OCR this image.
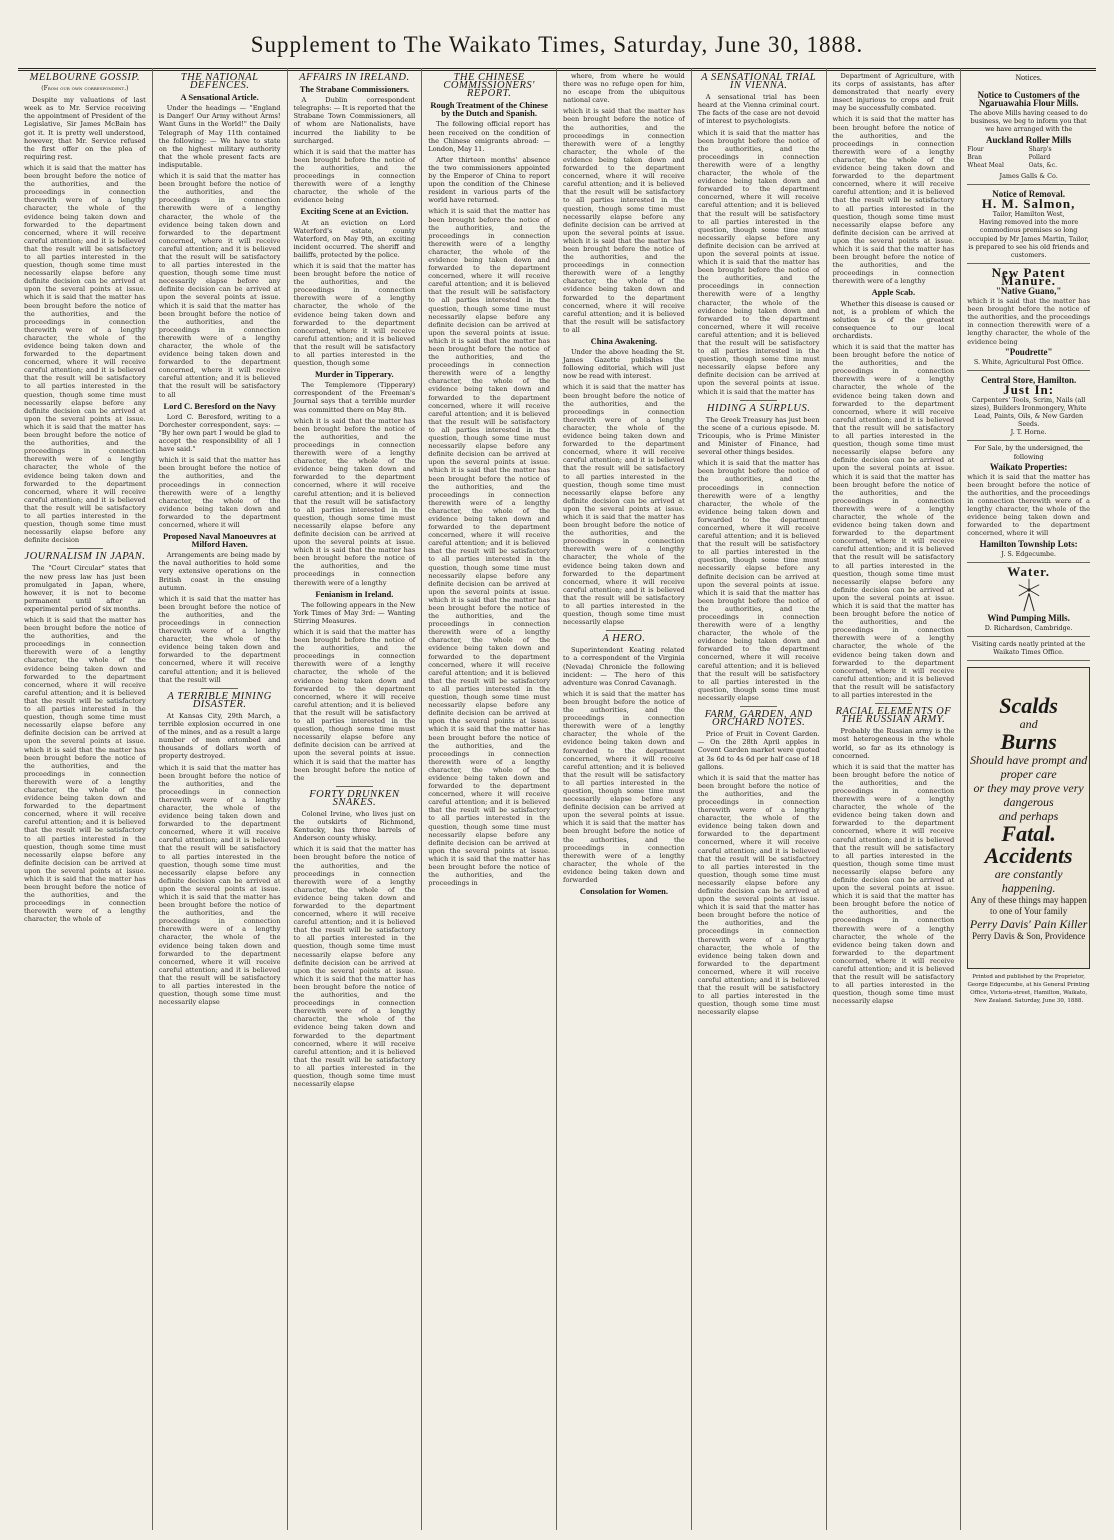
Supplement to The Waikato Times, Saturday, June 30, 1888.
MELBOURNE GOSSIP.
(From our own correspondent.)

Despite my valuations of last week as to Mr. Service receiving the appointment of President of the Legislative, Sir James McBain has got it. It is pretty well understood, however, that Mr. Service refused the first offer on the plea of requiring rest.

which it is said that the matter has been brought before the notice of the authorities, and the proceedings in connection therewith were of a lengthy character, the whole of the evidence being taken down and forwarded to the department concerned, where it will receive careful attention; and it is believed that the result will be satisfactory to all parties interested in the question, though some time must necessarily elapse before any definite decision can be arrived at upon the several points at issue. which it is said that the matter has been brought before the notice of the authorities, and the proceedings in connection therewith were of a lengthy character, the whole of the evidence being taken down and forwarded to the department concerned, where it will receive careful attention; and it is believed that the result will be satisfactory to all parties interested in the question, though some time must necessarily elapse before any definite decision can be arrived at upon the several points at issue. which it is said that the matter has been brought before the notice of the authorities, and the proceedings in connection therewith were of a lengthy character, the whole of the evidence being taken down and forwarded to the department concerned, where it will receive careful attention; and it is believed that the result will be satisfactory to all parties interested in the question, though some time must necessarily elapse before any definite decision
JOURNALISM IN JAPAN.

The "Court Circular" states that the new press law has just been promulgated in Japan, where, however, it is not to become permanent until after an experimental period of six months.

which it is said that the matter has been brought before the notice of the authorities, and the proceedings in connection therewith were of a lengthy character, the whole of the evidence being taken down and forwarded to the department concerned, where it will receive careful attention; and it is believed that the result will be satisfactory to all parties interested in the question, though some time must necessarily elapse before any definite decision can be arrived at upon the several points at issue. which it is said that the matter has been brought before the notice of the authorities, and the proceedings in connection therewith were of a lengthy character, the whole of the evidence being taken down and forwarded to the department concerned, where it will receive careful attention; and it is believed that the result will be satisfactory to all parties interested in the question, though some time must necessarily elapse before any definite decision can be arrived at upon the several points at issue. which it is said that the matter has been brought before the notice of the authorities, and the proceedings in connection therewith were of a lengthy character, the whole of
THE NATIONAL DEFENCES.
A Sensational Article.

Under the headings — "England is Danger! Our Army without Arms! Want Guns in the World!" the Daily Telegraph of May 11th contained the following: — We have to state on the highest military authority that the whole present facts are indisputable.

which it is said that the matter has been brought before the notice of the authorities, and the proceedings in connection therewith were of a lengthy character, the whole of the evidence being taken down and forwarded to the department concerned, where it will receive careful attention; and it is believed that the result will be satisfactory to all parties interested in the question, though some time must necessarily elapse before any definite decision can be arrived at upon the several points at issue. which it is said that the matter has been brought before the notice of the authorities, and the proceedings in connection therewith were of a lengthy character, the whole of the evidence being taken down and forwarded to the department concerned, where it will receive careful attention; and it is believed that the result will be satisfactory to all
Lord C. Beresford on the Navy

Lord C. Beresford, writing to a Dorchester correspondent, says: — "By her own part I would be glad to accept the responsibility of all I have said."

which it is said that the matter has been brought before the notice of the authorities, and the proceedings in connection therewith were of a lengthy character, the whole of the evidence being taken down and forwarded to the department concerned, where it will
Proposed Naval Manoeuvres at Milford Haven.

Arrangements are being made by the naval authorities to hold some very extensive operations on the British coast in the ensuing autumn.

which it is said that the matter has been brought before the notice of the authorities, and the proceedings in connection therewith were of a lengthy character, the whole of the evidence being taken down and forwarded to the department concerned, where it will receive careful attention; and it is believed that the result will
A TERRIBLE MINING DISASTER.

At Kansas City, 29th March, a terrible explosion occurred in one of the mines, and as a result a large number of men entombed and thousands of dollars worth of property destroyed.

which it is said that the matter has been brought before the notice of the authorities, and the proceedings in connection therewith were of a lengthy character, the whole of the evidence being taken down and forwarded to the department concerned, where it will receive careful attention; and it is believed that the result will be satisfactory to all parties interested in the question, though some time must necessarily elapse before any definite decision can be arrived at upon the several points at issue. which it is said that the matter has been brought before the notice of the authorities, and the proceedings in connection therewith were of a lengthy character, the whole of the evidence being taken down and forwarded to the department concerned, where it will receive careful attention; and it is believed that the result will be satisfactory to all parties interested in the question, though some time must necessarily elapse
AFFAIRS IN IRELAND.
The Strabane Commissioners.

A Dublin correspondent telegraphs: — It is reported that the Strabane Town Commissioners, all of whom are Nationalists, have incurred the liability to be surcharged.

which it is said that the matter has been brought before the notice of the authorities, and the proceedings in connection therewith were of a lengthy character, the whole of the evidence being
Exciting Scene at an Eviction.

At an eviction on Lord Waterford's estate, county Waterford, on May 9th, an exciting incident occurred. The sheriff and bailiffs, protected by the police.

which it is said that the matter has been brought before the notice of the authorities, and the proceedings in connection therewith were of a lengthy character, the whole of the evidence being taken down and forwarded to the department concerned, where it will receive careful attention; and it is believed that the result will be satisfactory to all parties interested in the question, though some
Murder in Tipperary.

The Templemore (Tipperary) correspondent of the Freeman's Journal says that a terrible murder was committed there on May 8th.

which it is said that the matter has been brought before the notice of the authorities, and the proceedings in connection therewith were of a lengthy character, the whole of the evidence being taken down and forwarded to the department concerned, where it will receive careful attention; and it is believed that the result will be satisfactory to all parties interested in the question, though some time must necessarily elapse before any definite decision can be arrived at upon the several points at issue. which it is said that the matter has been brought before the notice of the authorities, and the proceedings in connection therewith were of a lengthy
Fenianism in Ireland.

The following appears in the New York Times of May 3rd: — Wanting Stirring Measures.

which it is said that the matter has been brought before the notice of the authorities, and the proceedings in connection therewith were of a lengthy character, the whole of the evidence being taken down and forwarded to the department concerned, where it will receive careful attention; and it is believed that the result will be satisfactory to all parties interested in the question, though some time must necessarily elapse before any definite decision can be arrived at upon the several points at issue. which it is said that the matter has been brought before the notice of the
FORTY DRUNKEN SNAKES.

Colonel Irvine, who lives just on the outskirts of Richmond, Kentucky, has three barrels of Anderson county whisky.

which it is said that the matter has been brought before the notice of the authorities, and the proceedings in connection therewith were of a lengthy character, the whole of the evidence being taken down and forwarded to the department concerned, where it will receive careful attention; and it is believed that the result will be satisfactory to all parties interested in the question, though some time must necessarily elapse before any definite decision can be arrived at upon the several points at issue. which it is said that the matter has been brought before the notice of the authorities, and the proceedings in connection therewith were of a lengthy character, the whole of the evidence being taken down and forwarded to the department concerned, where it will receive careful attention; and it is believed that the result will be satisfactory to all parties interested in the question, though some time must necessarily elapse
THE CHINESE COMMISSIONERS' REPORT.
Rough Treatment of the Chinese by the Dutch and Spanish.

The following official report has been received on the condition of the Chinese emigrants abroad: — London, May 11.

After thirteen months' absence the two commissioners appointed by the Emperor of China to report upon the condition of the Chinese resident in various parts of the world have returned.

which it is said that the matter has been brought before the notice of the authorities, and the proceedings in connection therewith were of a lengthy character, the whole of the evidence being taken down and forwarded to the department concerned, where it will receive careful attention; and it is believed that the result will be satisfactory to all parties interested in the question, though some time must necessarily elapse before any definite decision can be arrived at upon the several points at issue. which it is said that the matter has been brought before the notice of the authorities, and the proceedings in connection therewith were of a lengthy character, the whole of the evidence being taken down and forwarded to the department concerned, where it will receive careful attention; and it is believed that the result will be satisfactory to all parties interested in the question, though some time must necessarily elapse before any definite decision can be arrived at upon the several points at issue. which it is said that the matter has been brought before the notice of the authorities, and the proceedings in connection therewith were of a lengthy character, the whole of the evidence being taken down and forwarded to the department concerned, where it will receive careful attention; and it is believed that the result will be satisfactory to all parties interested in the question, though some time must necessarily elapse before any definite decision can be arrived at upon the several points at issue. which it is said that the matter has been brought before the notice of the authorities, and the proceedings in connection therewith were of a lengthy character, the whole of the evidence being taken down and forwarded to the department concerned, where it will receive careful attention; and it is believed that the result will be satisfactory to all parties interested in the question, though some time must necessarily elapse before any definite decision can be arrived at upon the several points at issue. which it is said that the matter has been brought before the notice of the authorities, and the proceedings in connection therewith were of a lengthy character, the whole of the evidence being taken down and forwarded to the department concerned, where it will receive careful attention; and it is believed that the result will be satisfactory to all parties interested in the question, though some time must necessarily elapse before any definite decision can be arrived at upon the several points at issue. which it is said that the matter has been brought before the notice of the authorities, and the proceedings in

where, from where he would there was no refuge open for him, no escape from the ubiquitous national cave.

which it is said that the matter has been brought before the notice of the authorities, and the proceedings in connection therewith were of a lengthy character, the whole of the evidence being taken down and forwarded to the department concerned, where it will receive careful attention; and it is believed that the result will be satisfactory to all parties interested in the question, though some time must necessarily elapse before any definite decision can be arrived at upon the several points at issue. which it is said that the matter has been brought before the notice of the authorities, and the proceedings in connection therewith were of a lengthy character, the whole of the evidence being taken down and forwarded to the department concerned, where it will receive careful attention; and it is believed that the result will be satisfactory to all
China Awakening.

Under the above heading the St. James Gazette publishes the following editorial, which will just now be read with interest.

which it is said that the matter has been brought before the notice of the authorities, and the proceedings in connection therewith were of a lengthy character, the whole of the evidence being taken down and forwarded to the department concerned, where it will receive careful attention; and it is believed that the result will be satisfactory to all parties interested in the question, though some time must necessarily elapse before any definite decision can be arrived at upon the several points at issue. which it is said that the matter has been brought before the notice of the authorities, and the proceedings in connection therewith were of a lengthy character, the whole of the evidence being taken down and forwarded to the department concerned, where it will receive careful attention; and it is believed that the result will be satisfactory to all parties interested in the question, though some time must necessarily elapse
A HERO.

Superintendent Keating related to a correspondent of the Virginia (Nevada) Chronicle the following incident: — The hero of this adventure was Conrad Cavanagh.

which it is said that the matter has been brought before the notice of the authorities, and the proceedings in connection therewith were of a lengthy character, the whole of the evidence being taken down and forwarded to the department concerned, where it will receive careful attention; and it is believed that the result will be satisfactory to all parties interested in the question, though some time must necessarily elapse before any definite decision can be arrived at upon the several points at issue. which it is said that the matter has been brought before the notice of the authorities, and the proceedings in connection therewith were of a lengthy character, the whole of the evidence being taken down and forwarded
Consolation for Women.
A SENSATIONAL TRIAL IN VIENNA.

A sensational trial has been heard at the Vienna criminal court. The facts of the case are not devoid of interest to psychologists.

which it is said that the matter has been brought before the notice of the authorities, and the proceedings in connection therewith were of a lengthy character, the whole of the evidence being taken down and forwarded to the department concerned, where it will receive careful attention; and it is believed that the result will be satisfactory to all parties interested in the question, though some time must necessarily elapse before any definite decision can be arrived at upon the several points at issue. which it is said that the matter has been brought before the notice of the authorities, and the proceedings in connection therewith were of a lengthy character, the whole of the evidence being taken down and forwarded to the department concerned, where it will receive careful attention; and it is believed that the result will be satisfactory to all parties interested in the question, though some time must necessarily elapse before any definite decision can be arrived at upon the several points at issue. which it is said that the matter has
HIDING A SURPLUS.

The Greek Treasury has just been the scene of a curious episode. M. Tricoupis, who is Prime Minister and Minister of Finance, had several other things besides.

which it is said that the matter has been brought before the notice of the authorities, and the proceedings in connection therewith were of a lengthy character, the whole of the evidence being taken down and forwarded to the department concerned, where it will receive careful attention; and it is believed that the result will be satisfactory to all parties interested in the question, though some time must necessarily elapse before any definite decision can be arrived at upon the several points at issue. which it is said that the matter has been brought before the notice of the authorities, and the proceedings in connection therewith were of a lengthy character, the whole of the evidence being taken down and forwarded to the department concerned, where it will receive careful attention; and it is believed that the result will be satisfactory to all parties interested in the question, though some time must necessarily elapse
FARM, GARDEN, AND ORCHARD NOTES.

Price of Fruit in Covent Garden. — On the 28th April apples in Covent Garden market were quoted at 3s 6d to 4s 6d per half case of 18 gallons.

which it is said that the matter has been brought before the notice of the authorities, and the proceedings in connection therewith were of a lengthy character, the whole of the evidence being taken down and forwarded to the department concerned, where it will receive careful attention; and it is believed that the result will be satisfactory to all parties interested in the question, though some time must necessarily elapse before any definite decision can be arrived at upon the several points at issue. which it is said that the matter has been brought before the notice of the authorities, and the proceedings in connection therewith were of a lengthy character, the whole of the evidence being taken down and forwarded to the department concerned, where it will receive careful attention; and it is believed that the result will be satisfactory to all parties interested in the question, though some time must necessarily elapse

Department of Agriculture, with its corps of assistants, has after demonstrated that nearly every insect injurious to crops and fruit may be successfully combated.

which it is said that the matter has been brought before the notice of the authorities, and the proceedings in connection therewith were of a lengthy character, the whole of the evidence being taken down and forwarded to the department concerned, where it will receive careful attention; and it is believed that the result will be satisfactory to all parties interested in the question, though some time must necessarily elapse before any definite decision can be arrived at upon the several points at issue. which it is said that the matter has been brought before the notice of the authorities, and the proceedings in connection therewith were of a lengthy
Apple Scab.

Whether this disease is caused or not, is a problem of which the solution is of the greatest consequence to our local orchardists.

which it is said that the matter has been brought before the notice of the authorities, and the proceedings in connection therewith were of a lengthy character, the whole of the evidence being taken down and forwarded to the department concerned, where it will receive careful attention; and it is believed that the result will be satisfactory to all parties interested in the question, though some time must necessarily elapse before any definite decision can be arrived at upon the several points at issue. which it is said that the matter has been brought before the notice of the authorities, and the proceedings in connection therewith were of a lengthy character, the whole of the evidence being taken down and forwarded to the department concerned, where it will receive careful attention; and it is believed that the result will be satisfactory to all parties interested in the question, though some time must necessarily elapse before any definite decision can be arrived at upon the several points at issue. which it is said that the matter has been brought before the notice of the authorities, and the proceedings in connection therewith were of a lengthy character, the whole of the evidence being taken down and forwarded to the department concerned, where it will receive careful attention; and it is believed that the result will be satisfactory to all parties interested in the
RACIAL ELEMENTS OF THE RUSSIAN ARMY.

Probably the Russian army is the most heterogeneous in the whole world, so far as its ethnology is concerned.

which it is said that the matter has been brought before the notice of the authorities, and the proceedings in connection therewith were of a lengthy character, the whole of the evidence being taken down and forwarded to the department concerned, where it will receive careful attention; and it is believed that the result will be satisfactory to all parties interested in the question, though some time must necessarily elapse before any definite decision can be arrived at upon the several points at issue. which it is said that the matter has been brought before the notice of the authorities, and the proceedings in connection therewith were of a lengthy character, the whole of the evidence being taken down and forwarded to the department concerned, where it will receive careful attention; and it is believed that the result will be satisfactory to all parties interested in the question, though some time must necessarily elapse
Notices.
Notice to Customers of the Ngaruawahia Flour Mills.
The above Mills having ceased to do business, we beg to inform you that we have arranged with the
Auckland Roller Mills
Flour	Sharp's
Bran	Pollard
Wheat Meal	Oats, &c.
James Galls & Co.
Notice of Removal.
H. M. Salmon,
Tailor, Hamilton West,
Having removed into the more commodious premises so long occupied by Mr James Martin, Tailor, is prepared to see his old friends and customers.
New Patent Manure.
"Native Guano,"
which it is said that the matter has been brought before the notice of the authorities, and the proceedings in connection therewith were of a lengthy character, the whole of the evidence being
"Poudrette"
S. White, Agricultural Post Office.
Central Store, Hamilton.
Just In:
Carpenters' Tools, Scrim, Nails (all sizes), Builders Ironmongery, White Lead, Paints, Oils, & New Garden Seeds.
J. T. Horne.
For Sale, by the undersigned, the following
Waikato Properties:
which it is said that the matter has been brought before the notice of the authorities, and the proceedings in connection therewith were of a lengthy character, the whole of the evidence being taken down and forwarded to the department concerned, where it will
Hamilton Township Lots:
J. S. Edgecumbe.
Water.
Wind Pumping Mills.
D. Richardson, Cambridge.
Visiting cards neatly printed at the Waikato Times Office.
Scalds
and
Burns
Should have prompt and proper care
or they may prove very dangerous
and perhaps
Fatal.
Accidents
are constantly happening.
Any of these things may happen to one of Your family
Perry Davis' Pain Killer
Perry Davis & Son, Providence
Printed and published by the Proprietor, George Edgecumbe, at his General Printing Office, Victoria-street, Hamilton, Waikato, New Zealand. Saturday, June 30, 1888.
